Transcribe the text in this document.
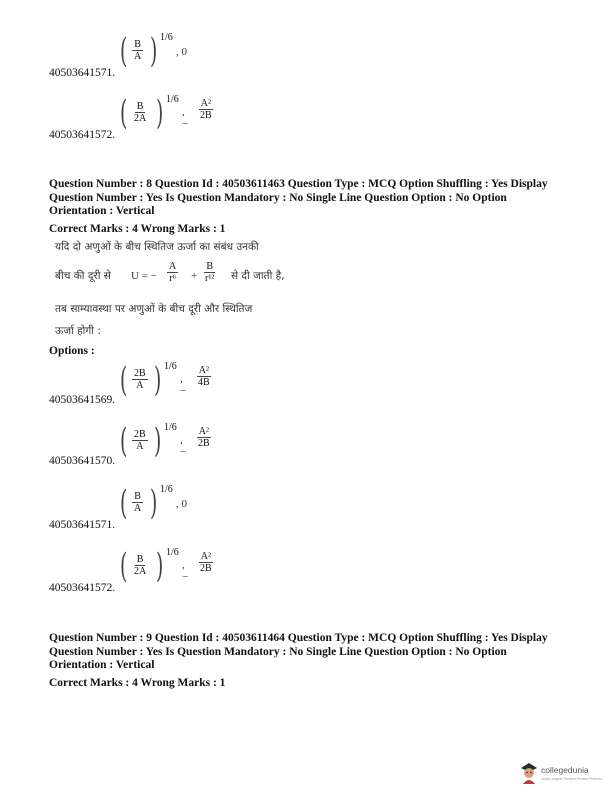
( $\frac{B}{A}$ ) 1/6
, 0
40503641571.
( $\frac{B}{2A}$ ) 1/6
, −
$\frac{\text{A²}}{2B}$
40503641572.
Question Number : 8 Question Id : 40503611463 Question Type : MCQ Option Shuffling : Yes Display
Question Number : Yes Is Question Mandatory : No Single Line Question Option : No Option
Orientation : Vertical
Correct Marks : 4 Wrong Marks : 1
यदि दो अणुओं के बीच स्थितिज ऊर्जा का संबंध उनकी
बीच की दूरी से U = − $\frac{A}{\text{r⁶}} + \frac{B}{\text{r¹²}}$ से दी जाती है,
तब साम्यावस्था पर अणुओं के बीच दूरी और स्थितिज
ऊर्जा होगी :
Options :
( $\frac{2B}{A}$ ) 1/6
, −
$\frac{\text{A²}}{4B}$
40503641569.
( $\frac{2B}{A}$ ) 1/6
, −
$\frac{\text{A²}}{2B}$
40503641570.
( $\frac{B}{A}$ ) 1/6
, 0
40503641571.
( $\frac{B}{2A}$ ) 1/6
, −
$\frac{\text{A²}}{2B}$
40503641572.
Question Number : 9 Question Id : 40503611464 Question Type : MCQ Option Shuffling : Yes Display
Question Number : Yes Is Question Mandatory : No Single Line Question Option : No Option
Orientation : Vertical
Correct Marks : 4 Wrong Marks : 1
collegedunia
India's largest Student Review Platform
